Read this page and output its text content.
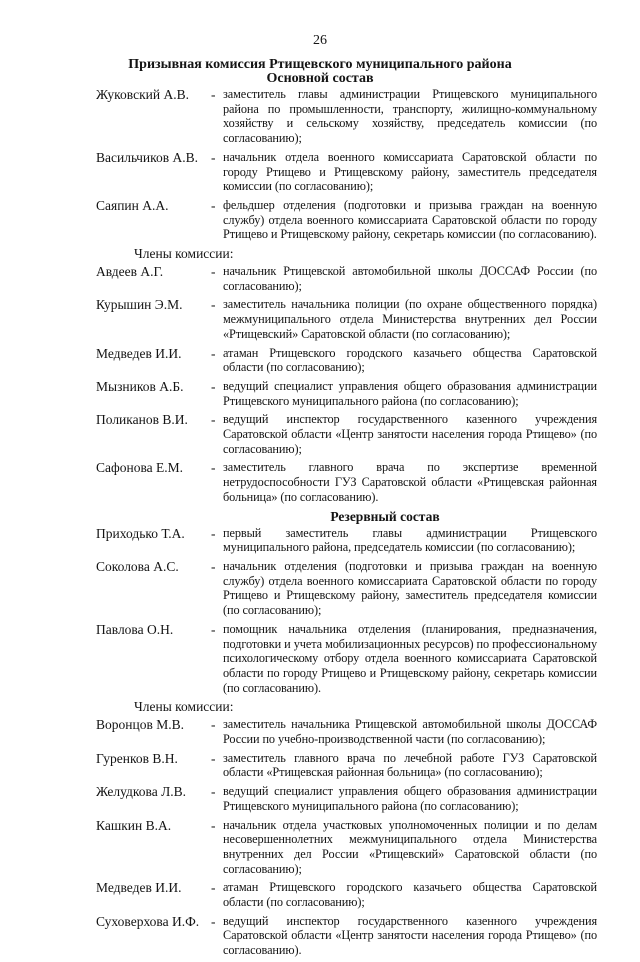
26
Призывная комиссия Ртищевского муниципального района
Основной состав
Жуковский А.В. - заместитель главы администрации Ртищевского муниципального района по промышленности, транспорту, жилищно-коммунальному хозяйству и сельскому хозяйству, председатель комиссии (по согласованию);
Васильчиков А.В. - начальник отдела военного комиссариата Саратовской области по городу Ртищево и Ртищевскому району, заместитель председателя комиссии (по согласованию);
Саяпин А.А.	- фельдшер отделения (подготовки и призыва граждан на военную службу) отдела военного комиссариата Саратовской области по городу Ртищево и Ртищевскому району, секретарь комиссии (по согласованию).
Члены комиссии:
Авдеев А.Г.	- начальник Ртищевской автомобильной школы ДОССАФ России (по согласованию);
Курышин Э.М. - заместитель начальника полиции (по охране общественного порядка) межмуниципального отдела Министерства внутренних дел России «Ртищевский» Саратовской области (по согласованию);
Медведев И.И. - атаман Ртищевского городского казачьего общества Саратовской области (по согласованию);
Мызников А.Б. - ведущий специалист управления общего образования администрации Ртищевского муниципального района (по согласованию);
Поликанов В.И. - ведущий инспектор государственного казенного учреждения Саратовской области «Центр занятости населения города Ртищево» (по согласованию);
Сафонова Е.М. - заместитель главного врача по экспертизе временной нетрудоспособности ГУЗ Саратовской области «Ртищевская районная больница» (по согласованию).
Резервный состав
Приходько Т.А. - первый заместитель главы администрации Ртищевского муниципального района, председатель комиссии (по согласованию);
Соколова А.С. - начальник отделения (подготовки и призыва граждан на военную службу) отдела военного комиссариата Саратовской области по городу Ртищево и Ртищевскому району, заместитель председателя комиссии (по согласованию);
Павлова О.Н.	- помощник начальника отделения (планирования, предназначения, подготовки и учета мобилизационных ресурсов) по профессиональному психологическому отбору отдела военного комиссариата Саратовской области по городу Ртищево и Ртищевскому району, секретарь комиссии (по согласованию).
Члены комиссии:
Воронцов М.В. - заместитель начальника Ртищевской автомобильной школы ДОССАФ России по учебно-производственной части (по согласованию);
Гуренков В.Н. - заместитель главного врача по лечебной работе ГУЗ Саратовской области «Ртищевская районная больница» (по согласованию);
Желудкова Л.В. - ведущий специалист управления общего образования администрации Ртищевского муниципального района (по согласованию);
Кашкин В.А.	- начальник отдела участковых уполномоченных полиции и по делам несовершеннолетних межмуниципального отдела Министерства внутренних дел России «Ртищевский» Саратовской области (по согласованию);
Медведев И.И. - атаман Ртищевского городского казачьего общества Саратовской области (по согласованию);
Суховерхова И.Ф. - ведущий инспектор государственного казенного учреждения Саратовской области «Центр занятости населения города Ртищево» (по согласованию).
